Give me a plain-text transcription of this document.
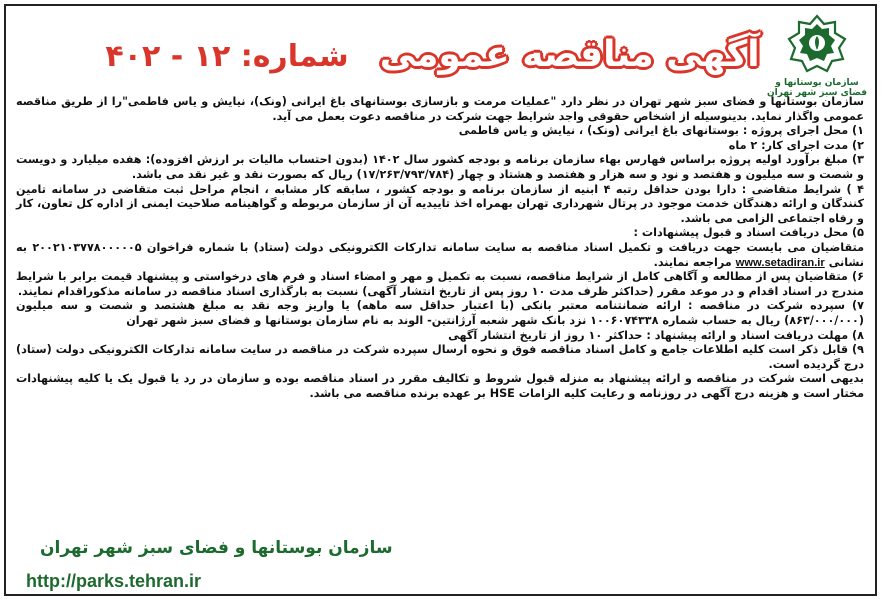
سازمان بوستانها و فضای سبز شهر تهران
آگهی مناقصه عمومی شماره: ۱۲ - ۴۰۲

سازمان بوستانها و فضای سبز شهر تهران در نظر دارد "عملیات مرمت و بازسازی بوستانهای باغ ایرانی (ونک)، نیایش و یاس فاطمی"را از طریق مناقصه عمومی واگذار نماید. بدینوسیله از اشخاص حقوقی واجد شرایط جهت شرکت در مناقصه دعوت بعمل می آید.

۱) محل اجرای پروژه : بوستانهای باغ ایرانی (ونک) ، نیایش و یاس فاطمی

۲) مدت اجرای کار: ۲ ماه

۳) مبلغ برآورد اولیه پروژه براساس فهارس بهاء سازمان برنامه و بودجه کشور سال ۱۴۰۲ (بدون احتساب مالیات بر ارزش افزوده): هفده میلیارد و دویست و شصت و سه میلیون و هفتصد و نود و سه هزار و هفتصد و هشتاد و چهار (۱۷/۲۶۳/۷۹۳/۷۸۴) ریال که بصورت نقد و غیر نقد می باشد.

۴ ) شرایط متقاضی : دارا بودن حداقل رتبه ۴ ابنیه از سازمان برنامه و بودجه کشور ، سابقه کار مشابه ، انجام مراحل ثبت متقاضی در سامانه تامین کنندگان و ارائه دهندگان خدمت موجود در پرتال شهرداری تهران بهمراه اخذ تاییدیه آن از سازمان مربوطه و گواهینامه صلاحیت ایمنی از اداره کل تعاون، کار و رفاه اجتماعی الزامی می باشد.

۵) محل دریافت اسناد و قبول پیشنهادات :

متقاضیان می بایست جهت دریافت و تکمیل اسناد مناقصه به سایت سامانه تدارکات الکترونیکی دولت (ستاد) با شماره فراخوان ۲۰۰۲۱۰۳۷۷۸۰۰۰۰۰۵ به نشانی www.setadiran.ir مراجعه نمایند.

۶) متقاضیان پس از مطالعه و آگاهی کامل از شرایط مناقصه، نسبت به تکمیل و مهر و امضاء اسناد و فرم های درخواستی و پیشنهاد قیمت برابر با شرایط مندرج در اسناد اقدام و در موعد مقرر (حداکثر ظرف مدت ۱۰ روز پس از تاریخ انتشار آگهی) نسبت به بارگذاری اسناد مناقصه در سامانه مذکوراقدام نمایند.

۷) سپرده شرکت در مناقصه : ارائه ضمانتنامه معتبر بانکی (با اعتبار حداقل سه ماهه) یا واریز وجه نقد به مبلغ هشتصد و شصت و سه میلیون (۸۶۳/۰۰۰/۰۰۰) ریال به حساب شماره ۱۰۰۶۰۷۴۳۳۸ نزد بانک شهر شعبه آرژانتین- الوند به نام سازمان بوستانها و فضای سبز شهر تهران

۸) مهلت دریافت اسناد و ارائه پیشنهاد : حداکثر ۱۰ روز از تاریخ انتشار آگهی

۹) قابل ذکر است کلیه اطلاعات جامع و کامل اسناد مناقصه فوق و نحوه ارسال سپرده شرکت در مناقصه در سایت سامانه تدارکات الکترونیکی دولت (ستاد) درج گردیده است.

بدیهی است شرکت در مناقصه و ارائه پیشنهاد به منزله قبول شروط و تکالیف مقرر در اسناد مناقصه بوده و سازمان در رد یا قبول یک یا کلیه پیشنهادات مختار است و هزینه درج آگهی در روزنامه و رعایت کلیه الزامات HSE بر عهده برنده مناقصه می باشد.

سازمان بوستانها و فضای سبز شهر تهران
http://parks.tehran.ir
